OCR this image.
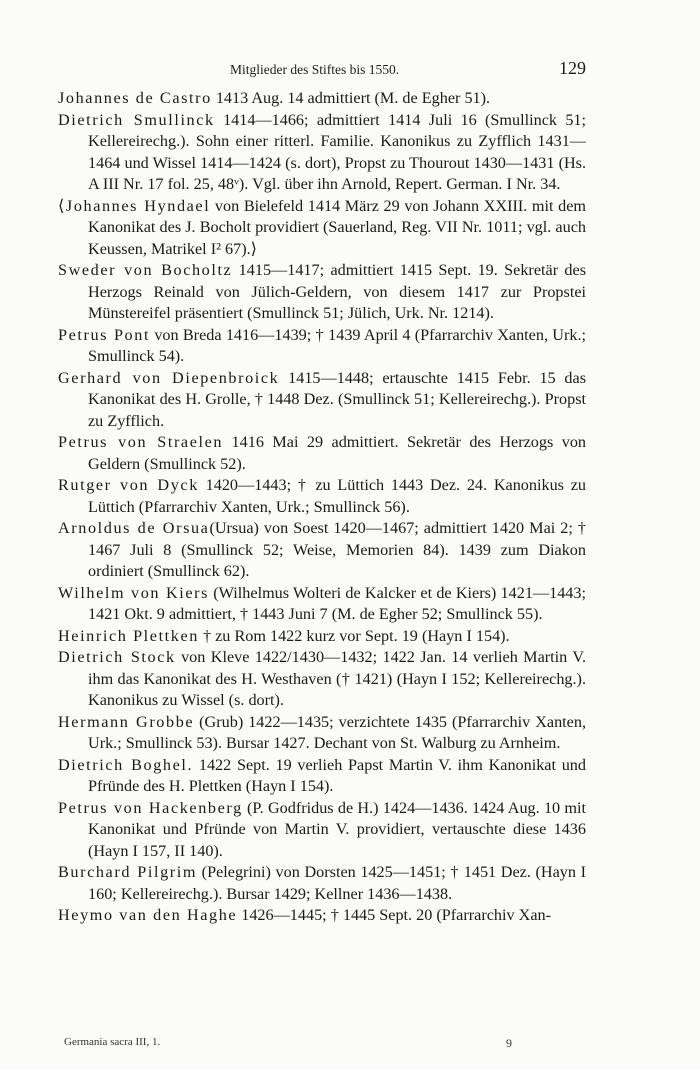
Mitglieder des Stiftes bis 1550.	129

Johannes de Castro 1413 Aug. 14 admittiert (M. de Egher 51).

Dietrich Smullinck 1414—1466; admittiert 1414 Juli 16 (Smullinck 51; Kellereirechg.). Sohn einer ritterl. Familie. Kanonikus zu Zyfflich 1431—1464 und Wissel 1414—1424 (s. dort), Propst zu Thourout 1430—1431 (Hs. A III Nr. 17 fol. 25, 48ᵛ). Vgl. über ihn Arnold, Repert. German. I Nr. 34.

⟨Johannes Hyndael von Bielefeld 1414 März 29 von Johann XXIII. mit dem Kanonikat des J. Bocholt providiert (Sauerland, Reg. VII Nr. 1011; vgl. auch Keussen, Matrikel I² 67).⟩

Sweder von Bocholtz 1415—1417; admittiert 1415 Sept. 19. Sekretär des Herzogs Reinald von Jülich-Geldern, von diesem 1417 zur Propstei Münstereifel präsentiert (Smullinck 51; Jülich, Urk. Nr. 1214).

Petrus Pont von Breda 1416—1439; † 1439 April 4 (Pfarrarchiv Xanten, Urk.; Smullinck 54).

Gerhard von Diepenbroick 1415—1448; ertauschte 1415 Febr. 15 das Kanonikat des H. Grolle, † 1448 Dez. (Smullinck 51; Kellereirechg.). Propst zu Zyfflich.

Petrus von Straelen 1416 Mai 29 admittiert. Sekretär des Herzogs von Geldern (Smullinck 52).

Rutger von Dyck 1420—1443; † zu Lüttich 1443 Dez. 24. Kanonikus zu Lüttich (Pfarrarchiv Xanten, Urk.; Smullinck 56).

Arnoldus de Orsua(Ursua) von Soest 1420—1467; admittiert 1420 Mai 2; † 1467 Juli 8 (Smullinck 52; Weise, Memorien 84). 1439 zum Diakon ordiniert (Smullinck 62).

Wilhelm von Kiers (Wilhelmus Wolteri de Kalcker et de Kiers) 1421—1443; 1421 Okt. 9 admittiert, † 1443 Juni 7 (M. de Egher 52; Smullinck 55).

Heinrich Plettken † zu Rom 1422 kurz vor Sept. 19 (Hayn I 154).

Dietrich Stock von Kleve 1422/1430—1432; 1422 Jan. 14 verlieh Martin V. ihm das Kanonikat des H. Westhaven († 1421) (Hayn I 152; Kellereirechg.). Kanonikus zu Wissel (s. dort).

Hermann Grobbe (Grub) 1422—1435; verzichtete 1435 (Pfarrarchiv Xanten, Urk.; Smullinck 53). Bursar 1427. Dechant von St. Walburg zu Arnheim.

Dietrich Boghel. 1422 Sept. 19 verlieh Papst Martin V. ihm Kanonikat und Pfründe des H. Plettken (Hayn I 154).

Petrus von Hackenberg (P. Godfridus de H.) 1424—1436. 1424 Aug. 10 mit Kanonikat und Pfründe von Martin V. providiert, vertauschte diese 1436 (Hayn I 157, II 140).

Burchard Pilgrim (Pelegrini) von Dorsten 1425—1451; † 1451 Dez. (Hayn I 160; Kellereirechg.). Bursar 1429; Kellner 1436—1438.

Heymo van den Haghe 1426—1445; † 1445 Sept. 20 (Pfarrarchiv Xan-

Germania sacra III, 1.	9
